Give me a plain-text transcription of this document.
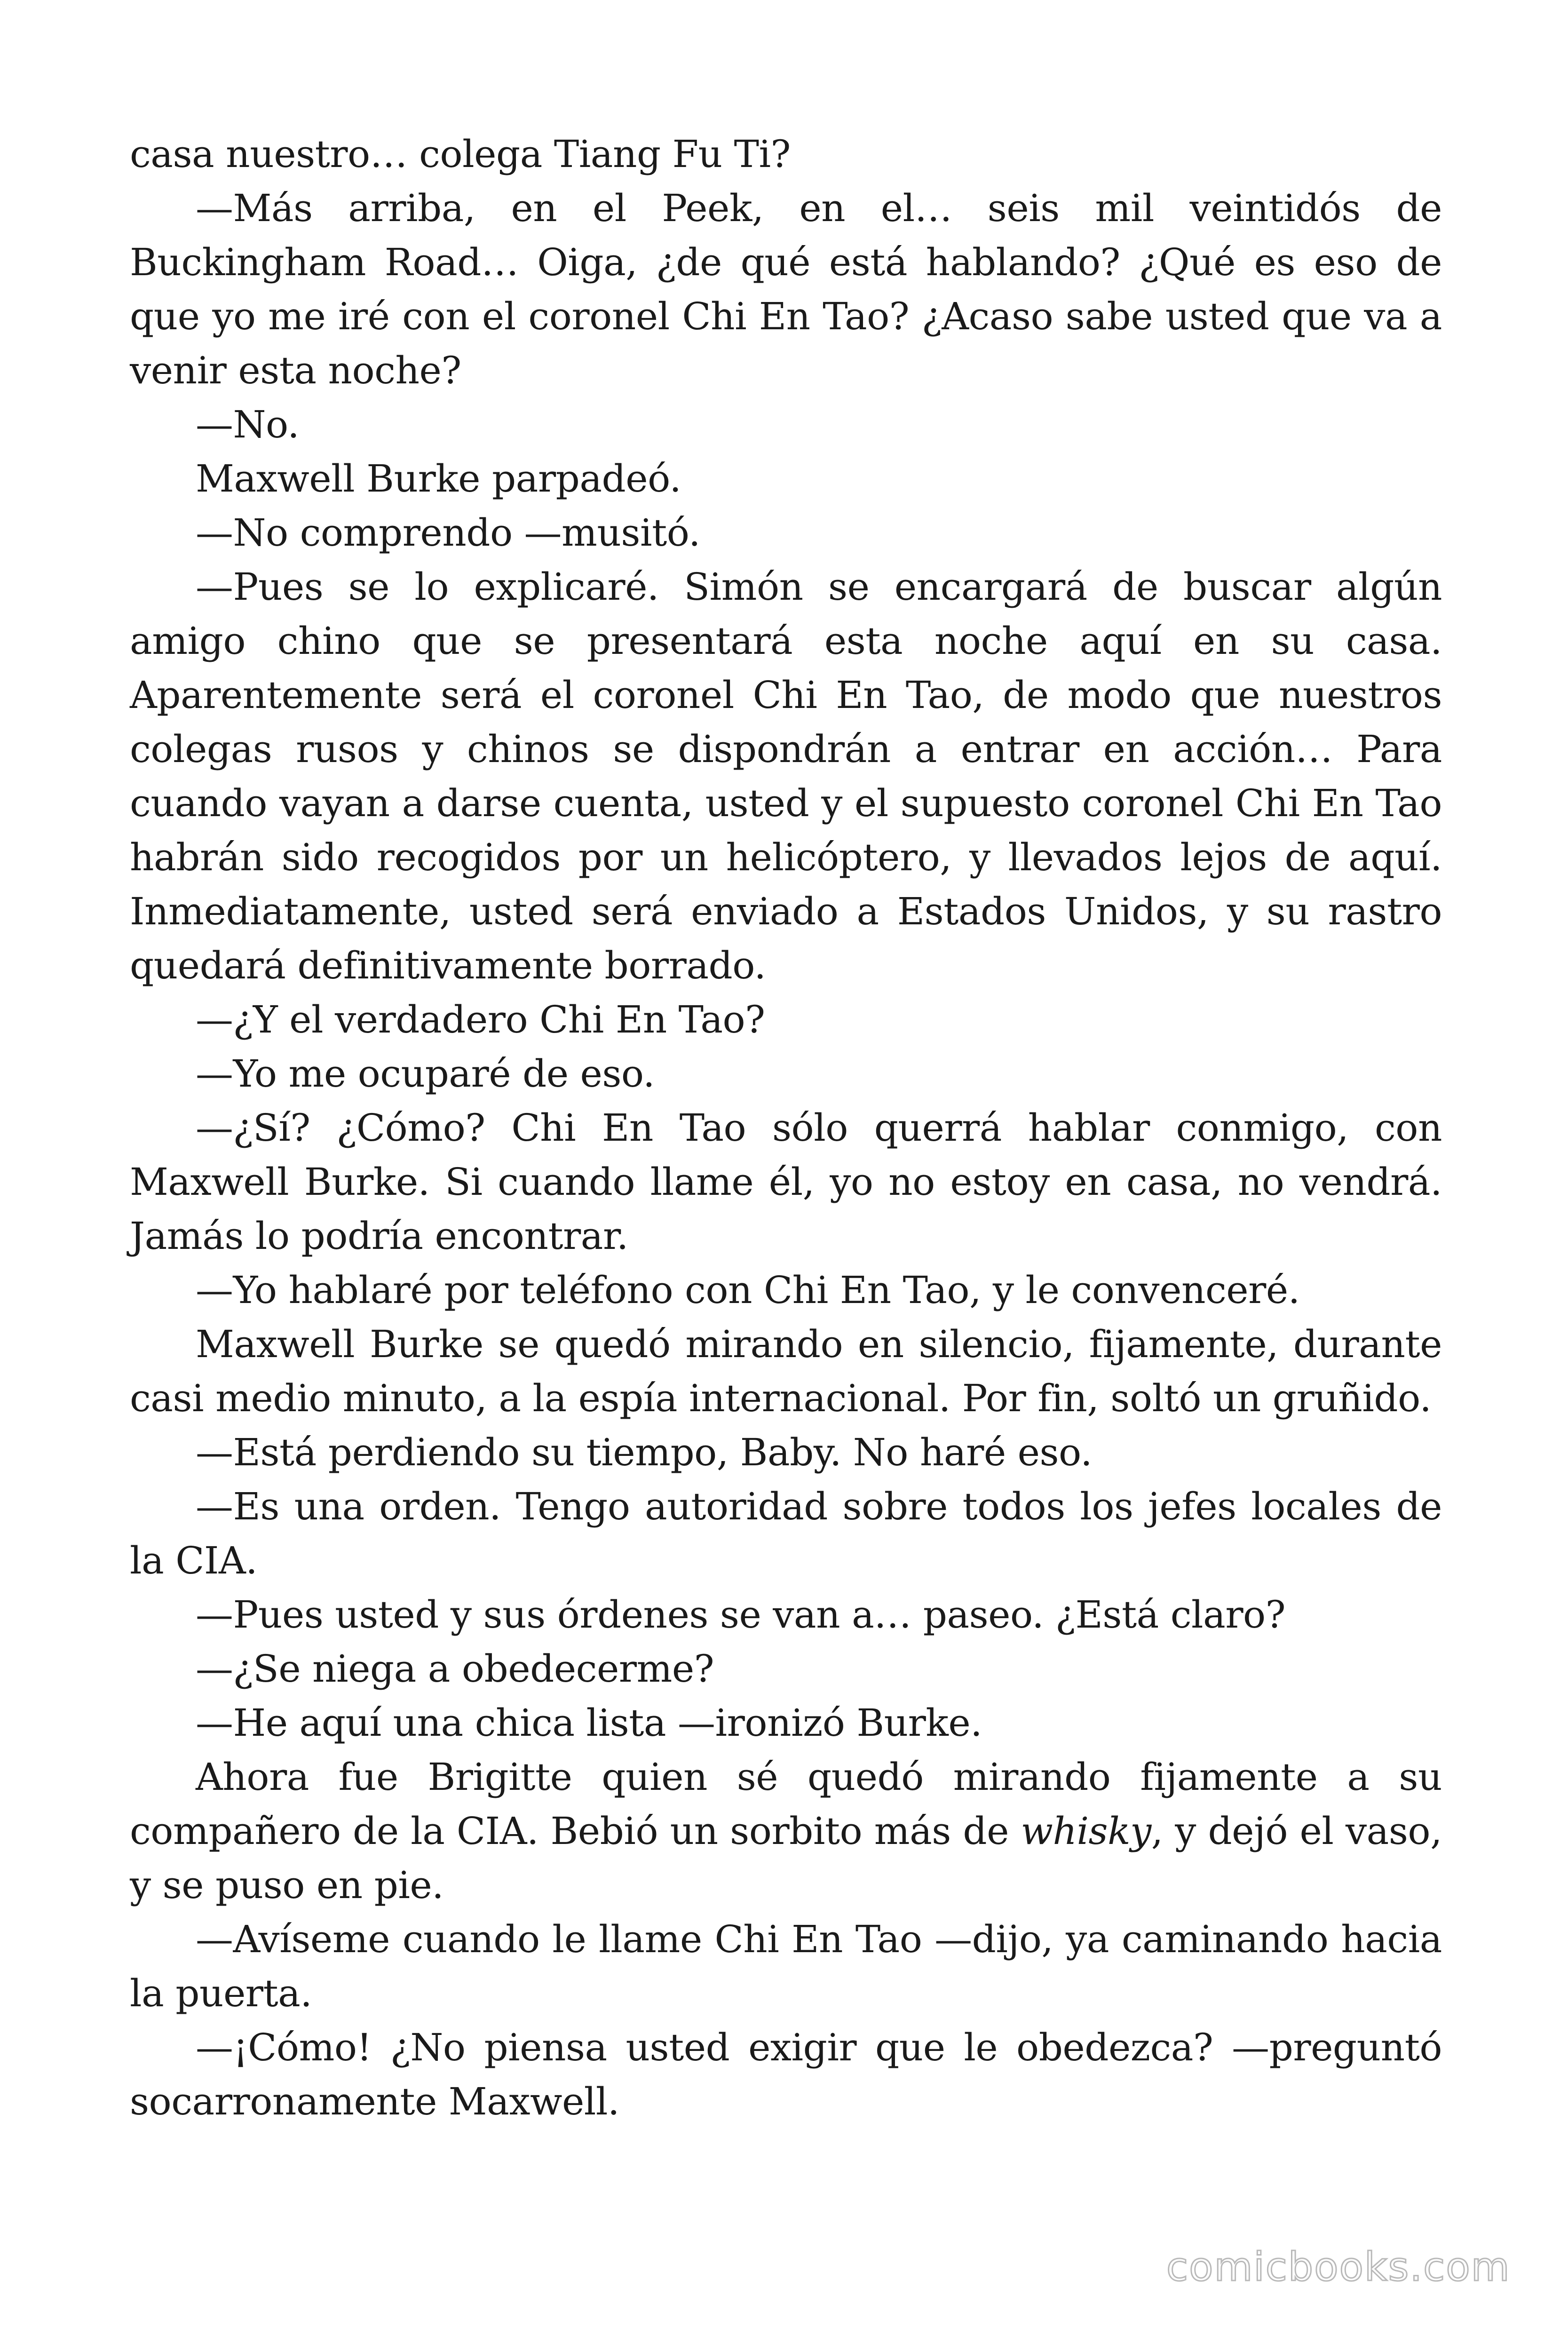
casa nuestro… colega Tiang Fu Ti?

—Más arriba, en el Peek, en el… seis mil veintidós de Buckingham Road… Oiga, ¿de qué está hablando? ¿Qué es eso de que yo me iré con el coronel Chi En Tao? ¿Acaso sabe usted que va a venir esta noche?

—No.

Maxwell Burke parpadeó.

—No comprendo —musitó.

—Pues se lo explicaré. Simón se encargará de buscar algún amigo chino que se presentará esta noche aquí en su casa. Aparentemente será el coronel Chi En Tao, de modo que nuestros colegas rusos y chinos se dispondrán a entrar en acción… Para cuando vayan a darse cuenta, usted y el supuesto coronel Chi En Tao habrán sido recogidos por un helicóptero, y llevados lejos de aquí. Inmediatamente, usted será enviado a Estados Unidos, y su rastro quedará definitivamente borrado.

—¿Y el verdadero Chi En Tao?

—Yo me ocuparé de eso.

—¿Sí? ¿Cómo? Chi En Tao sólo querrá hablar conmigo, con Maxwell Burke. Si cuando llame él, yo no estoy en casa, no vendrá. Jamás lo podría encontrar.

—Yo hablaré por teléfono con Chi En Tao, y le convenceré.

Maxwell Burke se quedó mirando en silencio, fijamente, durante casi medio minuto, a la espía internacional. Por fin, soltó un gruñido.

—Está perdiendo su tiempo, Baby. No haré eso.

—Es una orden. Tengo autoridad sobre todos los jefes locales de la CIA.

—Pues usted y sus órdenes se van a… paseo. ¿Está claro?

—¿Se niega a obedecerme?

—He aquí una chica lista —ironizó Burke.

Ahora fue Brigitte quien sé quedó mirando fijamente a su compañero de la CIA. Bebió un sorbito más de whisky, y dejó el vaso, y se puso en pie.

—Avíseme cuando le llame Chi En Tao —dijo, ya caminando hacia la puerta.

—¡Cómo! ¿No piensa usted exigir que le obedezca? —preguntó socarronamente Maxwell.

comicbooks.com
